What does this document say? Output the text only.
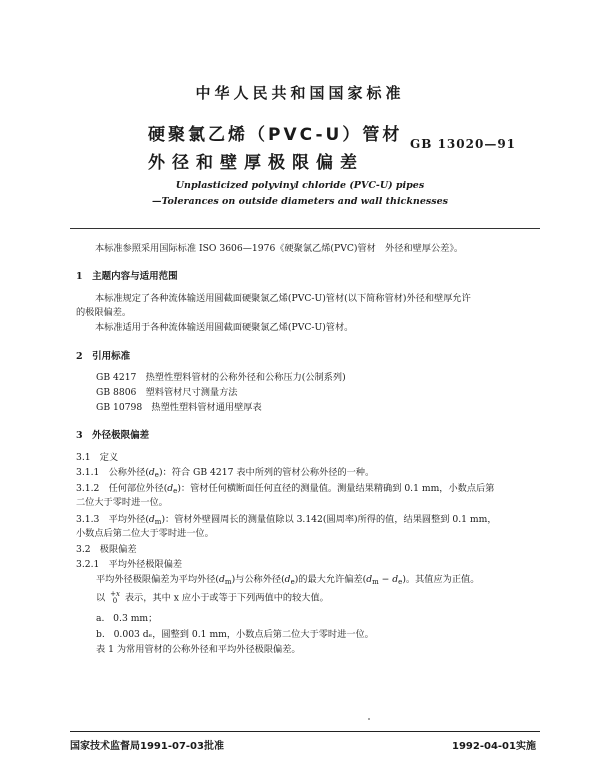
中华人民共和国国家标准
硬聚氯乙烯（PVC-U）管材
外径和壁厚极限偏差
GB 13020—91
Unplasticized polyvinyl chloride (PVC-U) pipes
—Tolerances on outside diameters and wall thicknesses
本标准参照采用国际标准 ISO 3606—1976《硬聚氯乙烯(PVC)管材　外径和壁厚公差》。
1　主题内容与适用范围
本标准规定了各种流体输送用圆截面硬聚氯乙烯(PVC-U)管材(以下简称管材)外径和壁厚允许
的极限偏差。
本标准适用于各种流体输送用圆截面硬聚氯乙烯(PVC-U)管材。
2　引用标准
GB 4217　热塑性塑料管材的公称外径和公称压力(公制系列)
GB 8806　塑料管材尺寸测量方法
GB 10798　热塑性塑料管材通用壁厚表
3　外径极限偏差
3.1　定义
3.1.1　公称外径$(d_e)$：符合 GB 4217 表中所列的管材公称外径的一种。
3.1.2　任何部位外径$(d_e)$：管材任何横断面任何直径的测量值。测量结果精确到 0.1 mm，小数点后第
二位大于零时进一位。
3.1.3　平均外径$(d_m)$：管材外壁圆周长的测量值除以 3.142(圆周率)所得的值，结果圆整到 0.1 mm，
小数点后第二位大于零时进一位。
3.2　极限偏差
3.2.1　平均外径极限偏差
平均外径极限偏差为平均外径$(d_m)$与公称外径$(d_e)$的最大允许偏差$(d_m - d_e)$。其值应为正值。
以 +x
0 表示，其中 x 应小于或等于下列两值中的较大值。
a. 0.3 mm；
b. 0.003 dₑ，圆整到 0.1 mm，小数点后第二位大于零时进一位。
表 1 为常用管材的公称外径和平均外径极限偏差。
国家技术监督局1991-07-03批准	1992-04-01实施
